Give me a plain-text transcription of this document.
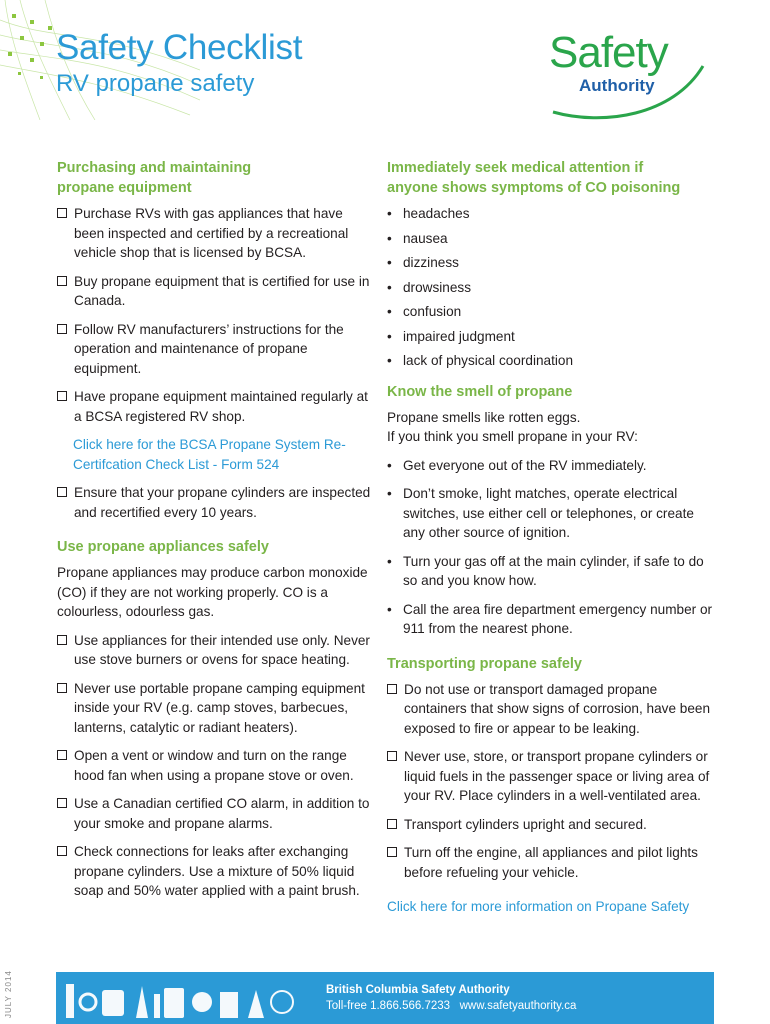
Safety Checklist
RV propane safety
Safety
Authority
Purchasing and maintaining
propane equipment
Purchase RVs with gas appliances that have been inspected and certified by a recreational vehicle shop that is licensed by BCSA.
Buy propane equipment that is certified for use in Canada.
Follow RV manufacturers’ instructions for the operation and maintenance of propane equipment.
Have propane equipment maintained regularly at a BCSA registered RV shop.
Click here for the BCSA Propane System Re-Certifcation Check List - Form 524
Ensure that your propane cylinders are inspected and recertified every 10 years.
Use propane appliances safely
Propane appliances may produce carbon monoxide (CO) if they are not working properly. CO is a colourless, odourless gas.
Use appliances for their intended use only. Never use stove burners or ovens for space heating.
Never use portable propane camping equipment inside your RV (e.g. camp stoves, barbecues, lanterns, catalytic or radiant heaters).
Open a vent or window and turn on the range hood fan when using a propane stove or oven.
Use a Canadian certified CO alarm, in addition to your smoke and propane alarms.
Check connections for leaks after exchanging propane cylinders. Use a mixture of 50% liquid soap and 50% water applied with a paint brush.
Immediately seek medical attention if
anyone shows symptoms of CO poisoning
• headaches
• nausea
• dizziness
• drowsiness
• confusion
• impaired judgment
• lack of physical coordination
Know the smell of propane
Propane smells like rotten eggs.
If you think you smell propane in your RV:
• Get everyone out of the RV immediately.
• Don’t smoke, light matches, operate electrical switches, use either cell or telephones, or create any other source of ignition.
• Turn your gas off at the main cylinder, if safe to do so and you know how.
• Call the area fire department emergency number or 911 from the nearest phone.
Transporting propane safely
Do not use or transport damaged propane containers that show signs of corrosion, have been exposed to fire or appear to be leaking.
Never use, store, or transport propane cylinders or liquid fuels in the passenger space or living area of your RV. Place cylinders in a well-ventilated area.
Transport cylinders upright and secured.
Turn off the engine, all appliances and pilot lights before refueling your vehicle.
Click here for more information on Propane Safety
JULY 2014	British Columbia Safety Authority
Toll-free 1.866.566.7233   www.safetyauthority.ca
